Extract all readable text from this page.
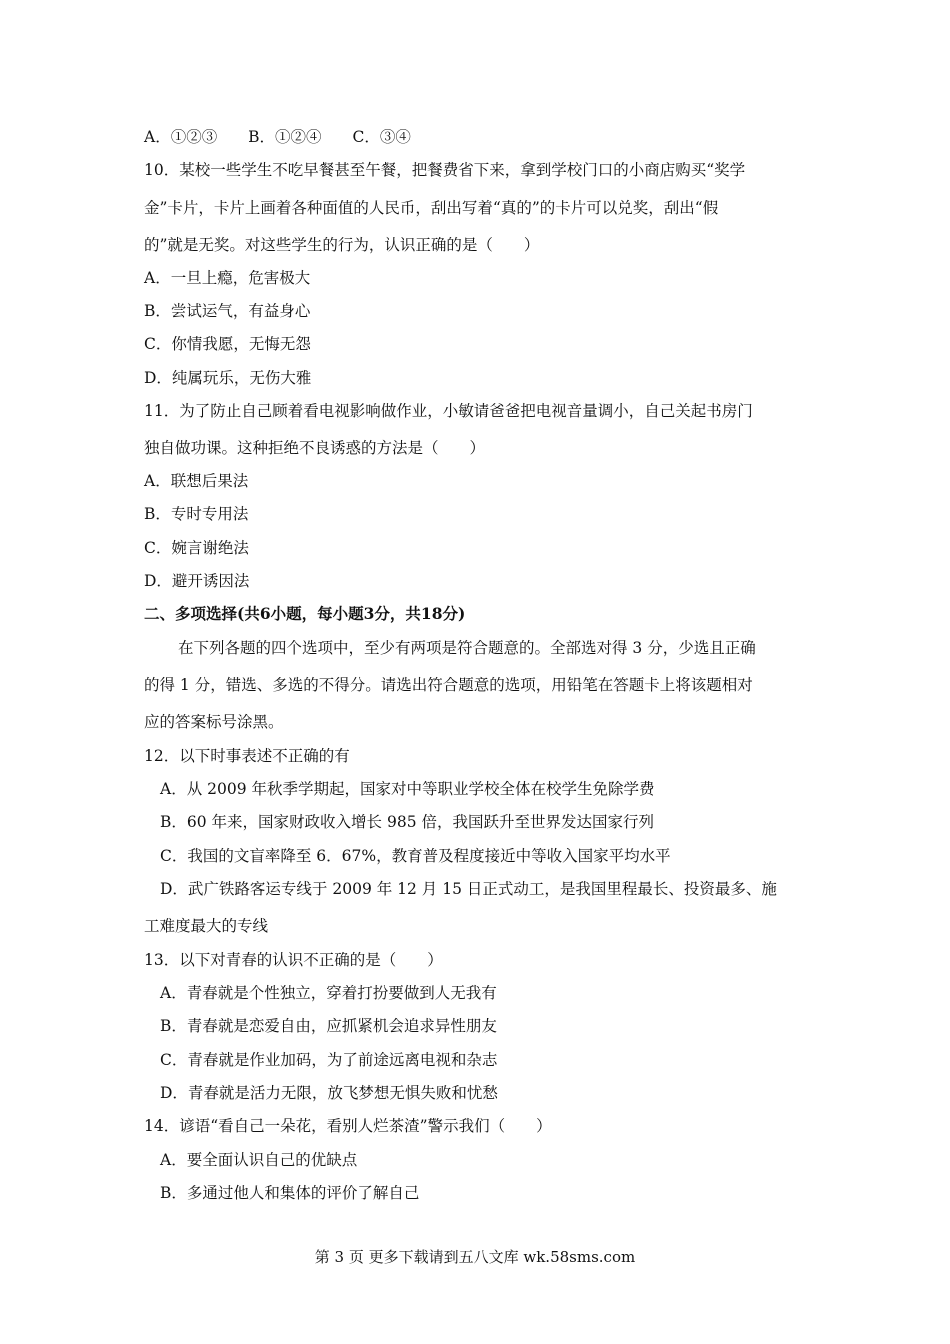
A．①②③ B．①②④ C．③④
10．某校一些学生不吃早餐甚至午餐，把餐费省下来，拿到学校门口的小商店购买“奖学
金”卡片，卡片上画着各种面值的人民币，刮出写着“真的”的卡片可以兑奖，刮出“假
的”就是无奖。对这些学生的行为，认识正确的是（　　）
A．一旦上瘾，危害极大
B．尝试运气，有益身心
C．你情我愿，无悔无怨
D．纯属玩乐，无伤大雅
11．为了防止自己顾着看电视影响做作业，小敏请爸爸把电视音量调小，自己关起书房门
独自做功课。这种拒绝不良诱惑的方法是（　　）
A．联想后果法
B．专时专用法
C．婉言谢绝法
D．避开诱因法
二、多项选择(共6小题，每小题3分，共18分)
在下列各题的四个选项中，至少有两项是符合题意的。全部选对得 3 分，少选且正确
的得 1 分，错选、多选的不得分。请选出符合题意的选项，用铅笔在答题卡上将该题相对
应的答案标号涂黑。
12．以下时事表述不正确的有
A．从 2009 年秋季学期起，国家对中等职业学校全体在校学生免除学费
B．60 年来，国家财政收入增长 985 倍，我国跃升至世界发达国家行列
C．我国的文盲率降至 6．67%，教育普及程度接近中等收入国家平均水平
D．武广铁路客运专线于 2009 年 12 月 15 日正式动工，是我国里程最长、投资最多、施
工难度最大的专线
13．以下对青春的认识不正确的是（　　）
A．青春就是个性独立，穿着打扮要做到人无我有
B．青春就是恋爱自由，应抓紧机会追求异性朋友
C．青春就是作业加码，为了前途远离电视和杂志
D．青春就是活力无限，放飞梦想无惧失败和忧愁
14．谚语“看自己一朵花，看别人烂茶渣”警示我们（　　）
A．要全面认识自己的优缺点
B．多通过他人和集体的评价了解自己
第 3 页 更多下载请到五八文库 wk.58sms.com
